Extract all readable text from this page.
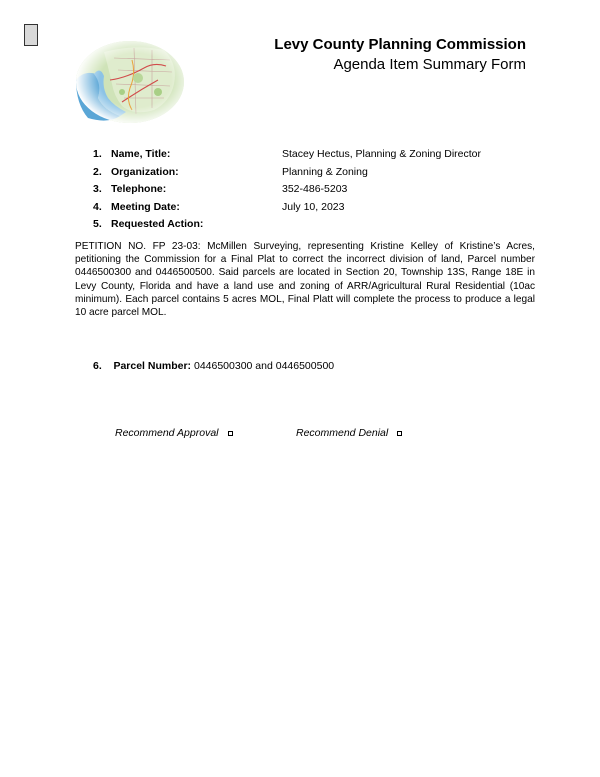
Levy County Planning Commission
Agenda Item Summary Form
1. Name, Title:	Stacey Hectus, Planning & Zoning Director
2. Organization:	Planning & Zoning
3. Telephone:	352-486-5203
4. Meeting Date:	July 10, 2023
5. Requested Action:
PETITION NO. FP 23-03: McMillen Surveying, representing Kristine Kelley of Kristine’s Acres, petitioning the Commission for a Final Plat to correct the incorrect division of land, Parcel number 0446500300 and 0446500500. Said parcels are located in Section 20, Township 13S, Range 18E in Levy County, Florida and have a land use and zoning of ARR/Agricultural Rural Residential (10ac minimum). Each parcel contains 5 acres MOL, Final Platt will complete the process to produce a legal 10 acre parcel MOL.
6. Parcel Number: 0446500300 and 0446500500
Recommend Approval	Recommend Denial
